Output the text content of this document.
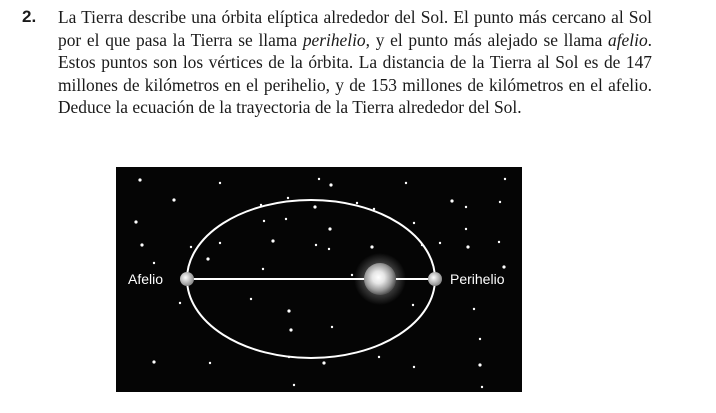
2. La Tierra describe una órbita elíptica alrededor del Sol. El punto más cercano al Sol por el que pasa la Tierra se llama perihelio, y el punto más alejado se llama afelio. Estos puntos son los vértices de la órbita. La distancia de la Tierra al Sol es de 147 millones de kilómetros en el perihelio, y de 153 millones de kilómetros en el afelio. Deduce la ecuación de la trayectoria de la Tierra alrededor del Sol.

Afelio	Perihelio
